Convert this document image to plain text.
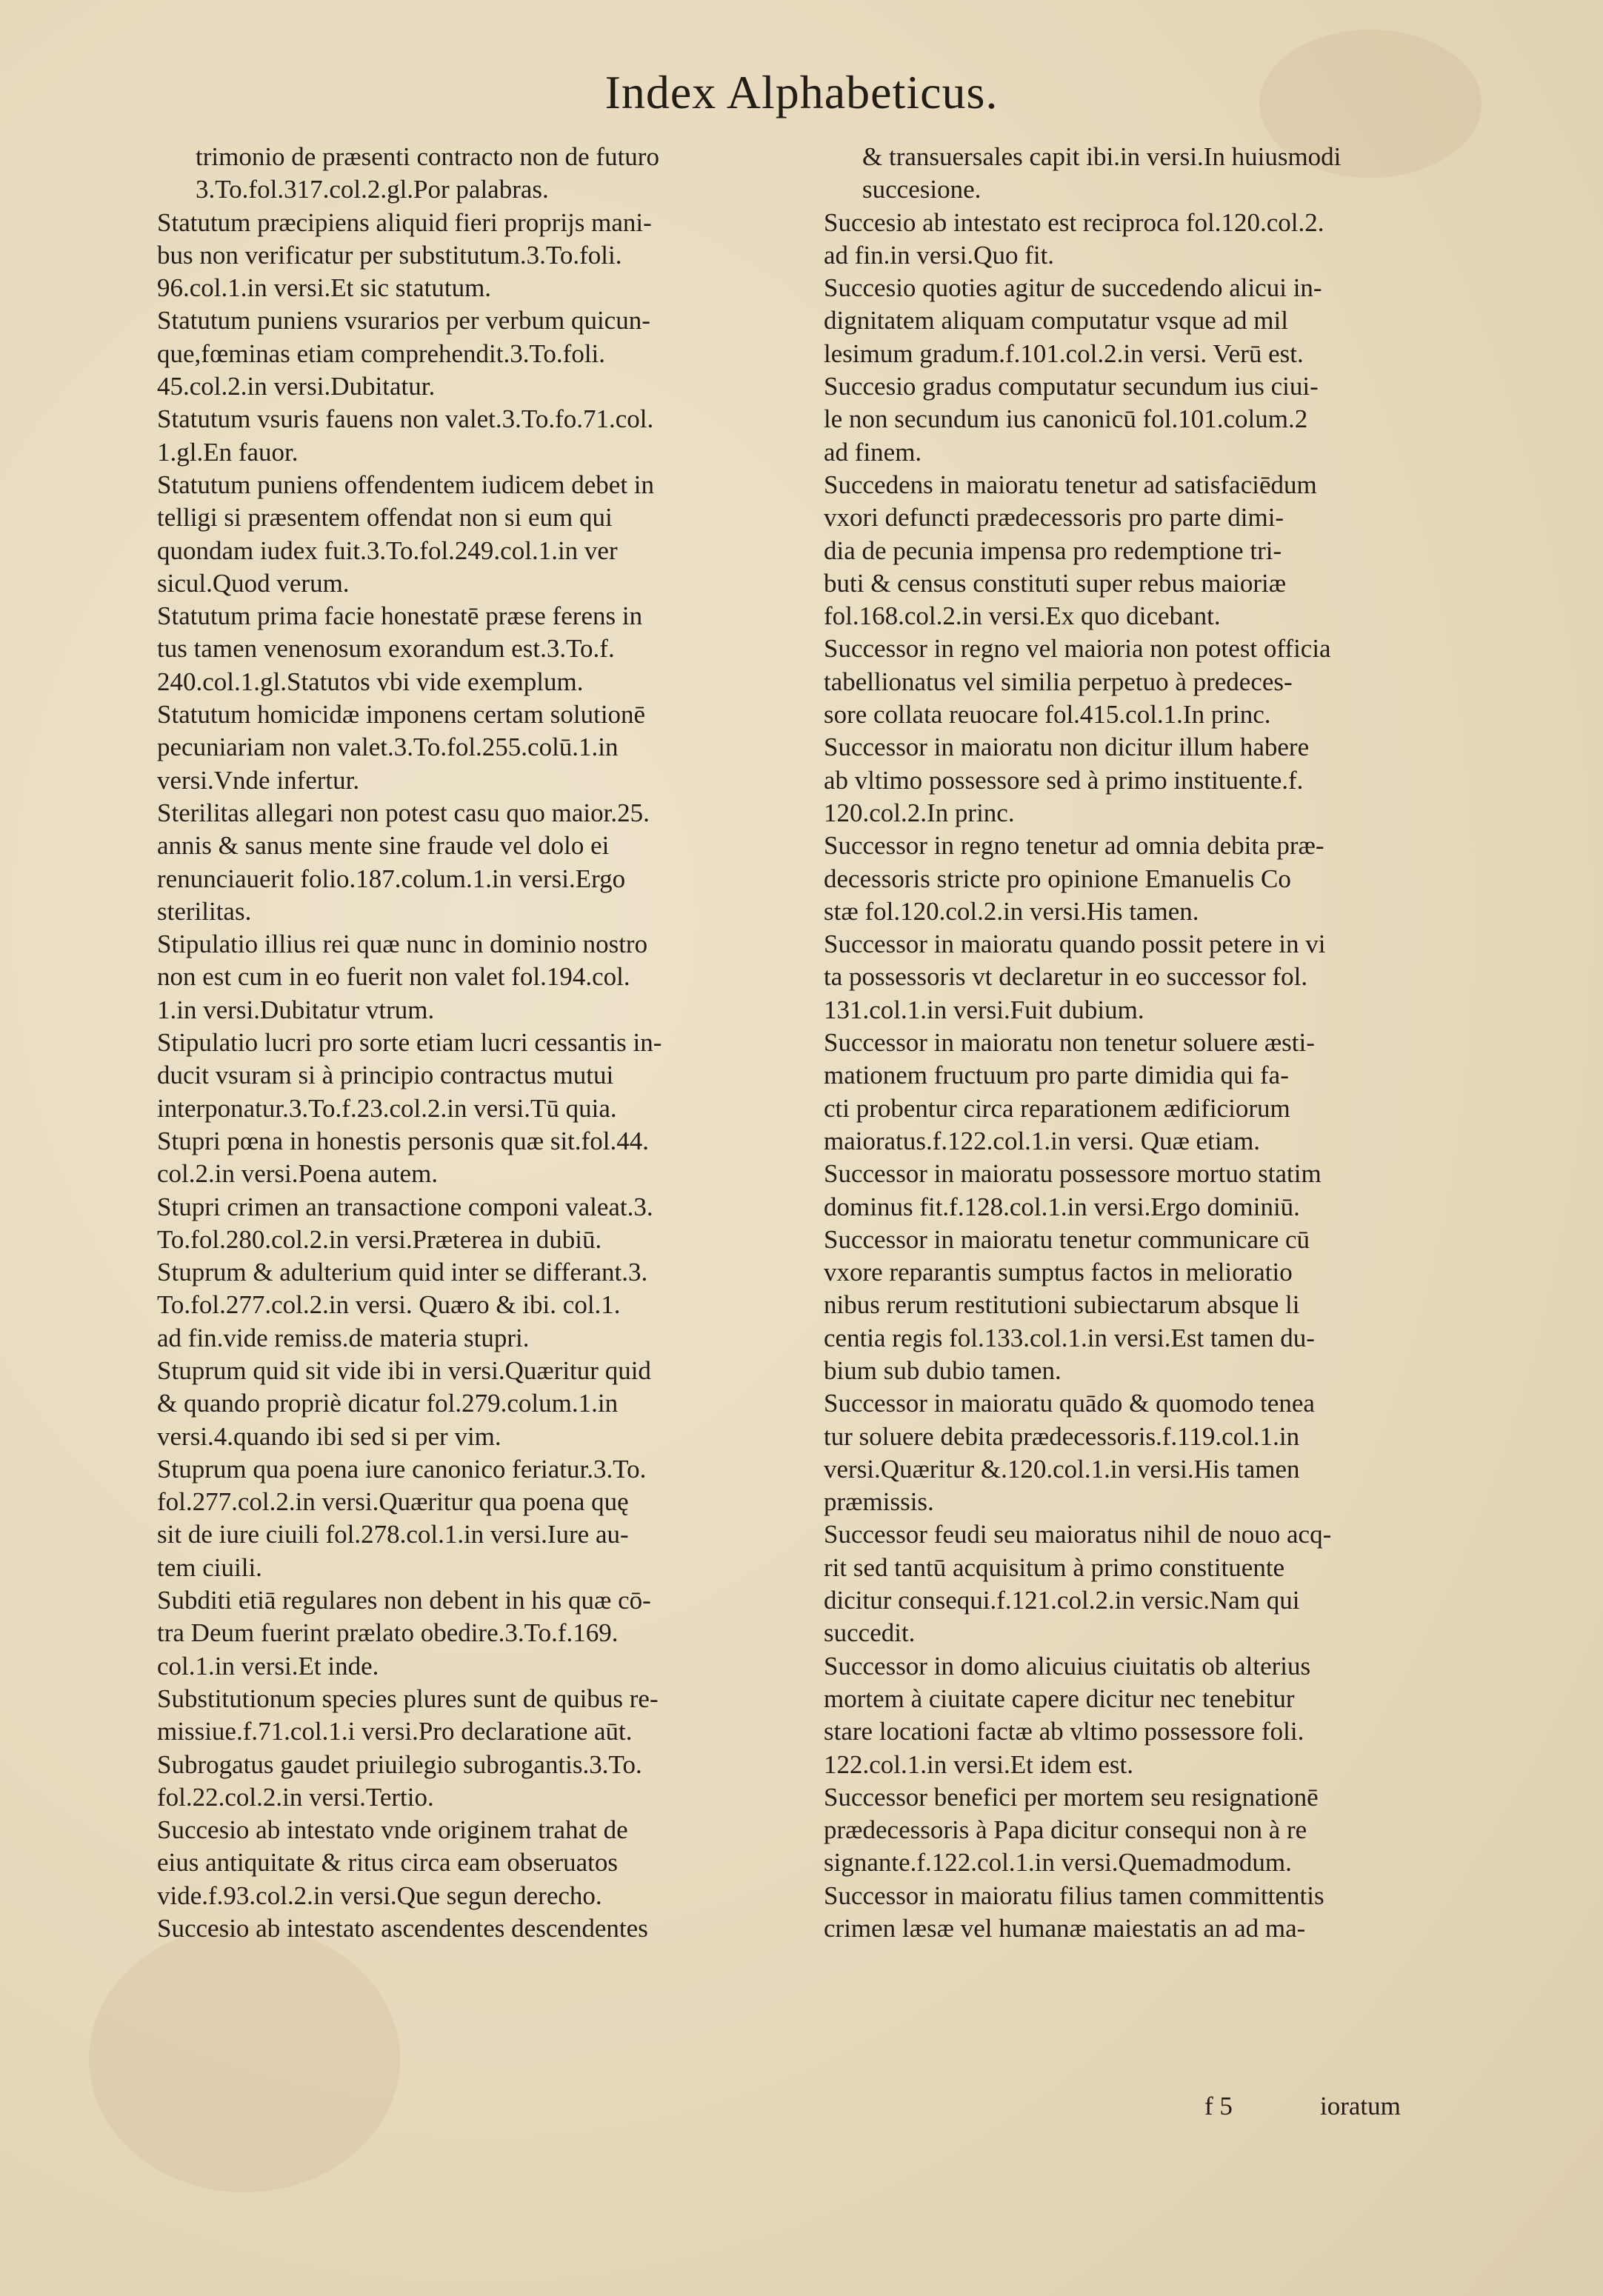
Index Alphabeticus.
trimonio de præsenti contracto non de futuro
3.To.fol.317.col.2.gl.Por palabras.
Statutum præcipiens aliquid fieri proprijs mani-
bus non verificatur per substitutum.3.To.foli.
96.col.1.in versi.Et sic statutum.
Statutum puniens vsurarios per verbum quicun-
que,fœminas etiam comprehendit.3.To.foli.
45.col.2.in versi.Dubitatur.
Statutum vsuris fauens non valet.3.To.fo.71.col.
1.gl.En fauor.
Statutum puniens offendentem iudicem debet in
telligi si præsentem offendat non si eum qui
quondam iudex fuit.3.To.fol.249.col.1.in ver
sicul.Quod verum.
Statutum prima facie honestatē præse ferens in
tus tamen venenosum exorandum est.3.To.f.
240.col.1.gl.Statutos vbi vide exemplum.
Statutum homicidæ imponens certam solutionē
pecuniariam non valet.3.To.fol.255.colū.1.in
versi.Vnde infertur.
Sterilitas allegari non potest casu quo maior.25.
annis & sanus mente sine fraude vel dolo ei
renunciauerit folio.187.colum.1.in versi.Ergo
sterilitas.
Stipulatio illius rei quæ nunc in dominio nostro
non est cum in eo fuerit non valet fol.194.col.
1.in versi.Dubitatur vtrum.
Stipulatio lucri pro sorte etiam lucri cessantis in-
ducit vsuram si à principio contractus mutui
interponatur.3.To.f.23.col.2.in versi.Tū quia.
Stupri pœna in honestis personis quæ sit.fol.44.
col.2.in versi.Poena autem.
Stupri crimen an transactione componi valeat.3.
To.fol.280.col.2.in versi.Præterea in dubiū.
Stuprum & adulterium quid inter se differant.3.
To.fol.277.col.2.in versi. Quæro & ibi. col.1.
ad fin.vide remiss.de materia stupri.
Stuprum quid sit vide ibi in versi.Quæritur quid
& quando propriè dicatur fol.279.colum.1.in
versi.4.quando ibi sed si per vim.
Stuprum qua poena iure canonico feriatur.3.To.
fol.277.col.2.in versi.Quæritur qua poena quę
sit de iure ciuili fol.278.col.1.in versi.Iure au-
tem ciuili.
Subditi etiā regulares non debent in his quæ cō-
tra Deum fuerint prælato obedire.3.To.f.169.
col.1.in versi.Et inde.
Substitutionum species plures sunt de quibus re-
missiue.f.71.col.1.i versi.Pro declaratione aūt.
Subrogatus gaudet priuilegio subrogantis.3.To.
fol.22.col.2.in versi.Tertio.
Succesio ab intestato vnde originem trahat de
eius antiquitate & ritus circa eam obseruatos
vide.f.93.col.2.in versi.Que segun derecho.
Succesio ab intestato ascendentes descendentes
& transuersales capit ibi.in versi.In huiusmodi
succesione.
Succesio ab intestato est reciproca fol.120.col.2.
ad fin.in versi.Quo fit.
Succesio quoties agitur de succedendo alicui in-
dignitatem aliquam computatur vsque ad mil
lesimum gradum.f.101.col.2.in versi. Verū est.
Succesio gradus computatur secundum ius ciui-
le non secundum ius canonicū fol.101.colum.2
ad finem.
Succedens in maioratu tenetur ad satisfaciēdum
vxori defuncti prædecessoris pro parte dimi-
dia de pecunia impensa pro redemptione tri-
buti & census constituti super rebus maioriæ
fol.168.col.2.in versi.Ex quo dicebant.
Successor in regno vel maioria non potest officia
tabellionatus vel similia perpetuo à predeces-
sore collata reuocare fol.415.col.1.In princ.
Successor in maioratu non dicitur illum habere
ab vltimo possessore sed à primo instituente.f.
120.col.2.In princ.
Successor in regno tenetur ad omnia debita præ-
decessoris stricte pro opinione Emanuelis Co
stæ fol.120.col.2.in versi.His tamen.
Successor in maioratu quando possit petere in vi
ta possessoris vt declaretur in eo successor fol.
131.col.1.in versi.Fuit dubium.
Successor in maioratu non tenetur soluere æsti-
mationem fructuum pro parte dimidia qui fa-
cti probentur circa reparationem ædificiorum
maioratus.f.122.col.1.in versi. Quæ etiam.
Successor in maioratu possessore mortuo statim
dominus fit.f.128.col.1.in versi.Ergo dominiū.
Successor in maioratu tenetur communicare cū
vxore reparantis sumptus factos in melioratio
nibus rerum restitutioni subiectarum absque li
centia regis fol.133.col.1.in versi.Est tamen du-
bium sub dubio tamen.
Successor in maioratu quādo & quomodo tenea
tur soluere debita prædecessoris.f.119.col.1.in
versi.Quæritur &.120.col.1.in versi.His tamen
præmissis.
Successor feudi seu maioratus nihil de nouo acq-
rit sed tantū acquisitum à primo constituente
dicitur consequi.f.121.col.2.in versic.Nam qui
succedit.
Successor in domo alicuius ciuitatis ob alterius
mortem à ciuitate capere dicitur nec tenebitur
stare locationi factæ ab vltimo possessore foli.
122.col.1.in versi.Et idem est.
Successor benefici per mortem seu resignationē
prædecessoris à Papa dicitur consequi non à re
signante.f.122.col.1.in versi.Quemadmodum.
Successor in maioratu filius tamen committentis
crimen læsæ vel humanæ maiestatis an ad ma-
f 5	ioratum
